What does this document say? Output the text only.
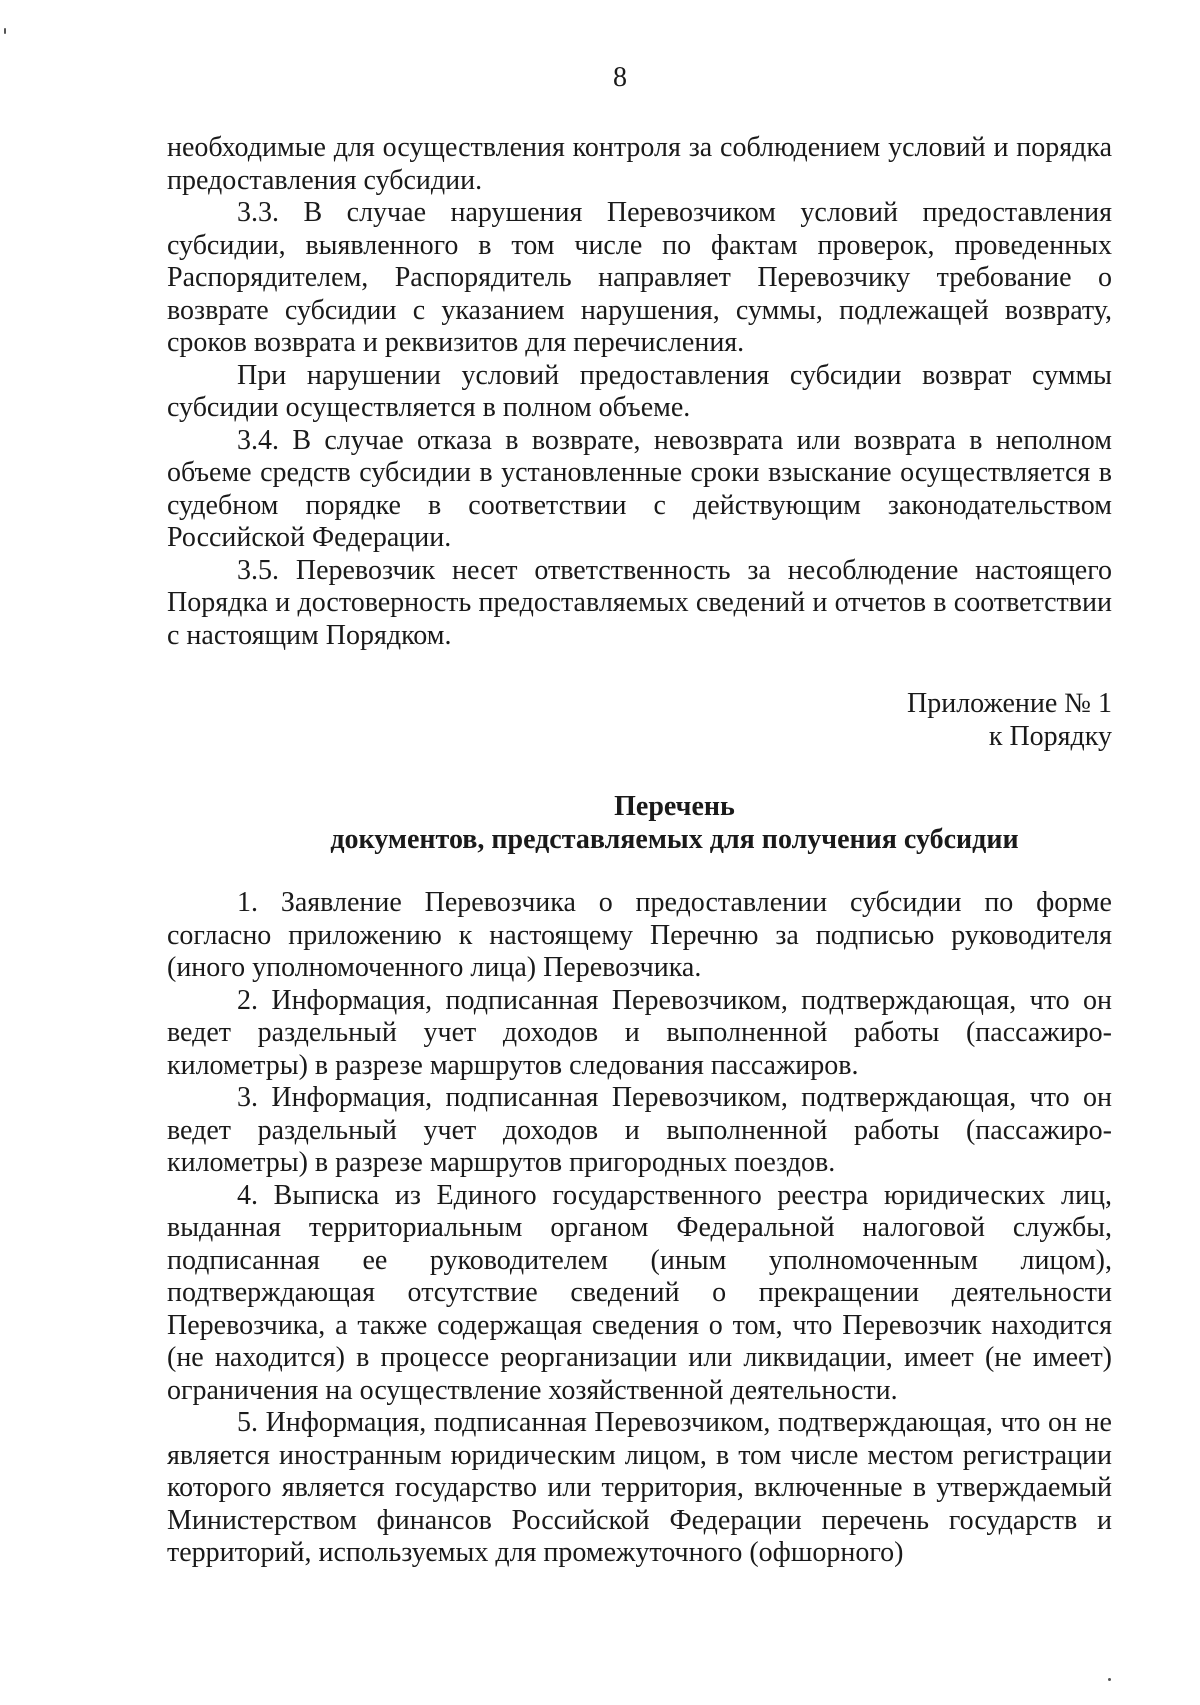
8

необходимые для осуществления контроля за соблюдением условий и порядка предоставления субсидии.

3.3. В случае нарушения Перевозчиком условий предоставления субсидии, выявленного в том числе по фактам проверок, проведенных Распорядителем, Распорядитель направляет Перевозчику требование о возврате субсидии с указанием нарушения, суммы, подлежащей возврату, сроков возврата и реквизитов для перечисления.

При нарушении условий предоставления субсидии возврат суммы субсидии осуществляется в полном объеме.

3.4. В случае отказа в возврате, невозврата или возврата в неполном объеме средств субсидии в установленные сроки взыскание осуществляется в судебном порядке в соответствии с действующим законодательством Российской Федерации.

3.5. Перевозчик несет ответственность за несоблюдение настоящего Порядка и достоверность предоставляемых сведений и отчетов в соответствии с настоящим Порядком.

Приложение № 1
к Порядку
Перечень
документов, представляемых для получения субсидии

1. Заявление Перевозчика о предоставлении субсидии по форме согласно приложению к настоящему Перечню за подписью руководителя (иного уполномоченного лица) Перевозчика.

2. Информация, подписанная Перевозчиком, подтверждающая, что он ведет раздельный учет доходов и выполненной работы (пассажиро-километры) в разрезе маршрутов следования пассажиров.

3. Информация, подписанная Перевозчиком, подтверждающая, что он ведет раздельный учет доходов и выполненной работы (пассажиро-километры) в разрезе маршрутов пригородных поездов.

4. Выписка из Единого государственного реестра юридических лиц, выданная территориальным органом Федеральной налоговой службы, подписанная ее руководителем (иным уполномоченным лицом), подтверждающая отсутствие сведений о прекращении деятельности Перевозчика, а также содержащая сведения о том, что Перевозчик находится (не находится) в процессе реорганизации или ликвидации, имеет (не имеет) ограничения на осуществление хозяйственной деятельности.

5. Информация, подписанная Перевозчиком, подтверждающая, что он не является иностранным юридическим лицом, в том числе местом регистрации которого является государство или территория, включенные в утверждаемый Министерством финансов Российской Федерации перечень государств и территорий, используемых для промежуточного (офшорного)
